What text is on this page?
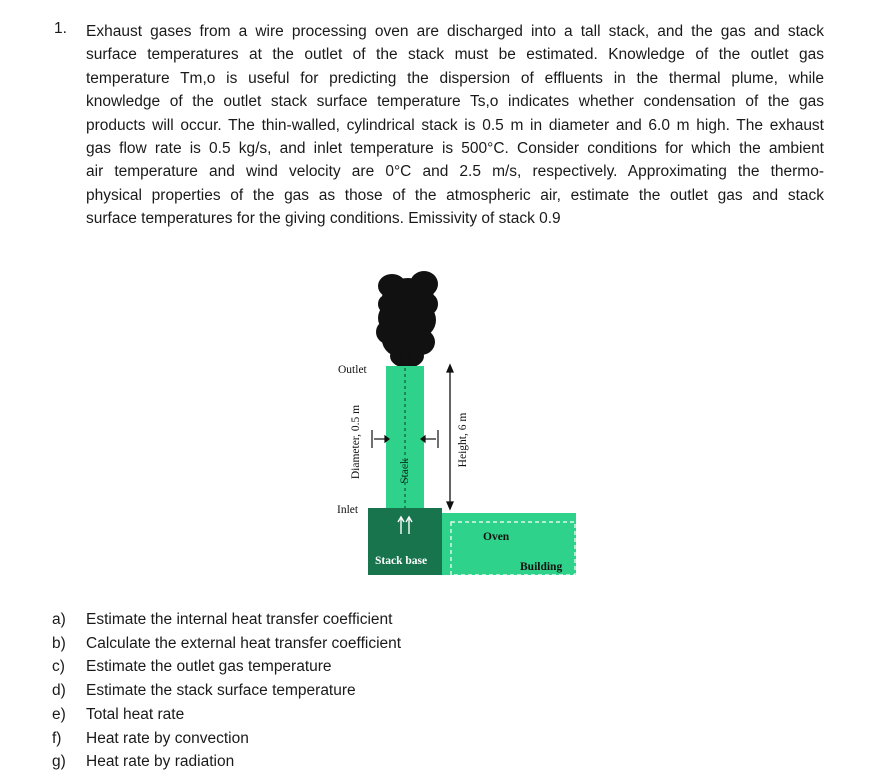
1. Exhaust gases from a wire processing oven are discharged into a tall stack, and the gas and stack
surface temperatures at the outlet of the stack must be estimated. Knowledge of the outlet gas
temperature Tm,o is useful for predicting the dispersion of effluents in the thermal plume, while
knowledge of the outlet stack surface temperature Ts,o indicates whether condensation of the gas
products will occur. The thin-walled, cylindrical stack is 0.5 m in diameter and 6.0 m high. The exhaust
gas flow rate is 0.5 kg/s, and inlet temperature is 500°C. Consider conditions for which the ambient
air temperature and wind velocity are 0°C and 2.5 m/s, respectively. Approximating the thermo-
physical properties of the gas as those of the atmospheric air, estimate the outlet gas and stack
surface temperatures for the giving conditions. Emissivity of stack 0.9
Outlet
Inlet
Diameter, 0.5 m	Stack
Height, 6 m
Stack base
Oven
Building
a)	Estimate the internal heat transfer coefficient
b)	Calculate the external heat transfer coefficient
c)	Estimate the outlet gas temperature
d)	Estimate the stack surface temperature
e)	Total heat rate
f)	Heat rate by convection
g)	Heat rate by radiation
